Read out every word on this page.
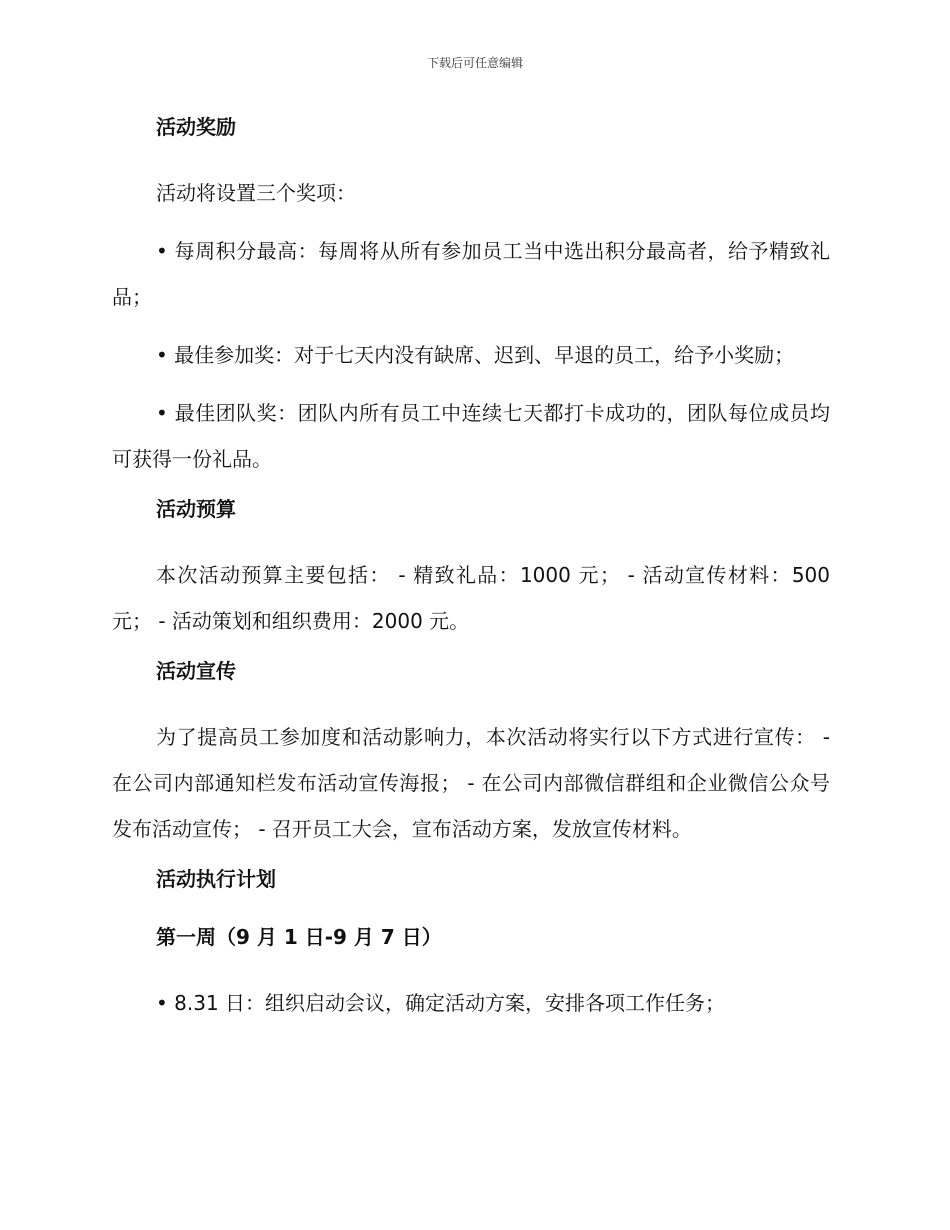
下载后可任意编辑
活动奖励
活动将设置三个奖项：
• 每周积分最高：每周将从所有参加员工当中选出积分最高者，给予精致礼品；
• 最佳参加奖：对于七天内没有缺席、迟到、早退的员工，给予小奖励；
• 最佳团队奖：团队内所有员工中连续七天都打卡成功的，团队每位成员均可获得一份礼品。
活动预算
本次活动预算主要包括： - 精致礼品：1000 元； - 活动宣传材料：500 元； - 活动策划和组织费用：2000 元。
活动宣传
为了提高员工参加度和活动影响力，本次活动将实行以下方式进行宣传： - 在公司内部通知栏发布活动宣传海报； - 在公司内部微信群组和企业微信公众号发布活动宣传； - 召开员工大会，宣布活动方案，发放宣传材料。
活动执行计划
第一周（9 月 1 日-9 月 7 日）
• 8.31 日：组织启动会议，确定活动方案，安排各项工作任务；
